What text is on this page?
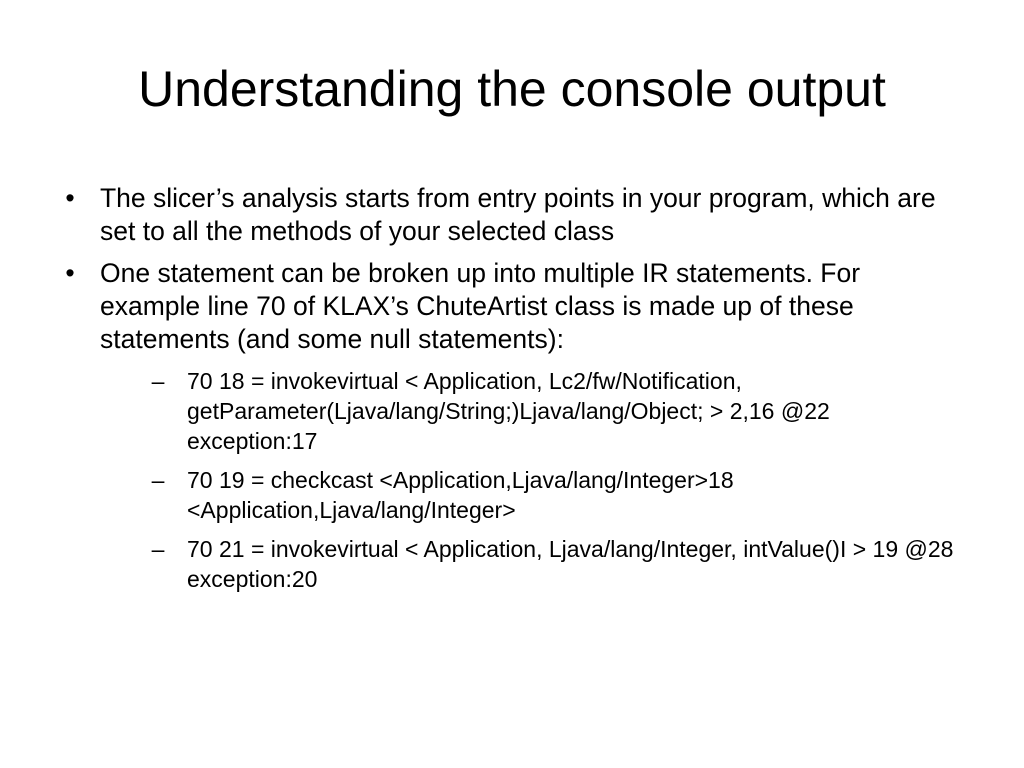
Understanding the console output
• The slicer’s analysis starts from entry points in your program, which are set to all the methods of your selected class
• One statement can be broken up into multiple IR statements. For example line 70 of KLAX’s ChuteArtist class is made up of these statements (and some null statements):
– 70 18 = invokevirtual < Application, Lc2/fw/Notification, getParameter(Ljava/lang/String;)Ljava/lang/Object; > 2,16 @22 exception:17
– 70 19 = checkcast <Application,Ljava/lang/Integer>18 <Application,Ljava/lang/Integer>
– 70 21 = invokevirtual < Application, Ljava/lang/Integer, intValue()I > 19 @28 exception:20
